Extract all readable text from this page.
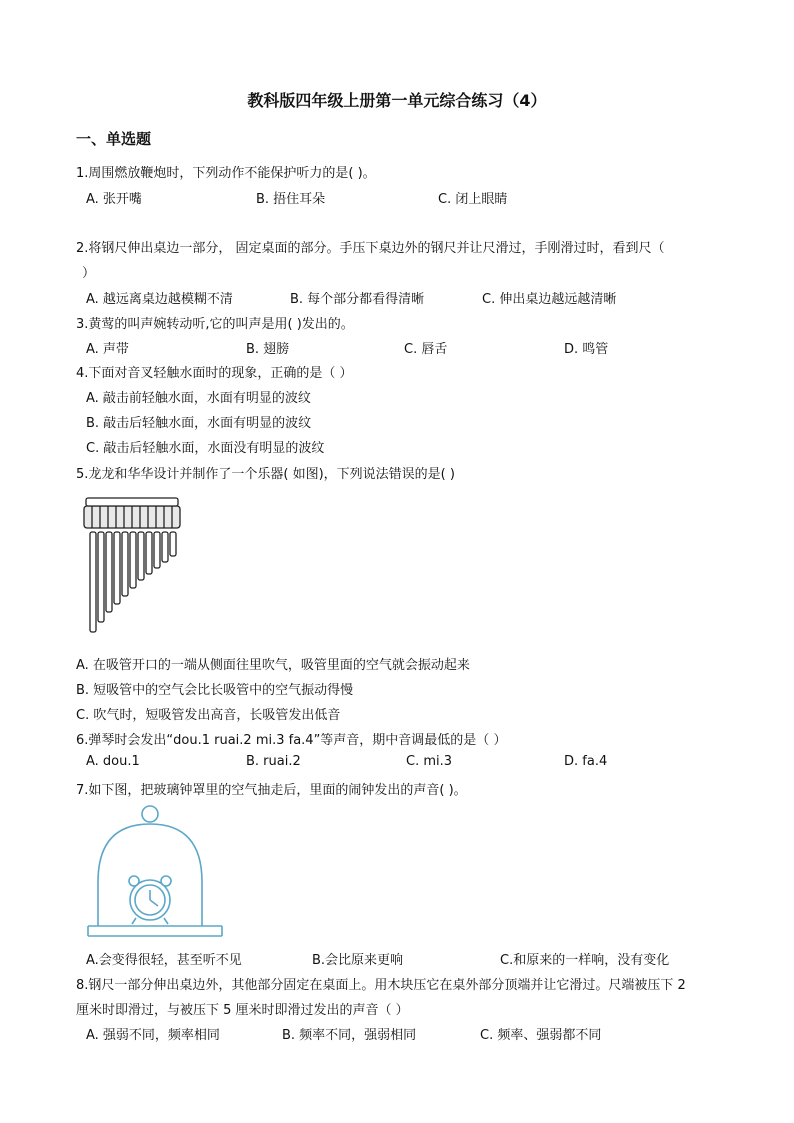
教科版四年级上册第一单元综合练习（4）
一、单选题
1.周围燃放鞭炮时，下列动作不能保护听力的是( )。
A. 张开嘴	B. 捂住耳朵	C. 闭上眼睛
2.将钢尺伸出桌边一部分， 固定桌面的部分。手压下桌边外的钢尺并让尺滑过，手刚滑过时，看到尺（
）
A. 越远离桌边越模糊不清	B. 每个部分都看得清晰	C. 伸出桌边越远越清晰
3.黄莺的叫声婉转动听,它的叫声是用( )发出的。
A. 声带	B. 翅膀	C. 唇舌	D. 鸣管
4.下面对音叉轻触水面时的现象，正确的是（ ）
A. 敲击前轻触水面，水面有明显的波纹
B. 敲击后轻触水面，水面有明显的波纹
C. 敲击后轻触水面，水面没有明显的波纹
5.龙龙和华华设计并制作了一个乐器( 如图)，下列说法错误的是( )
A. 在吸管开口的一端从侧面往里吹气，吸管里面的空气就会振动起来
B. 短吸管中的空气会比长吸管中的空气振动得慢
C. 吹气时，短吸管发出高音，长吸管发出低音
6.弹琴时会发出“dou.1 ruai.2 mi.3 fa.4”等声音，期中音调最低的是（ ）
A. dou.1	B. ruai.2	C. mi.3	D. fa.4
7.如下图，把玻璃钟罩里的空气抽走后，里面的闹钟发出的声音( )。
A.会变得很轻，甚至听不见	B.会比原来更响	C.和原来的一样响，没有变化
8.钢尺一部分伸出桌边外，其他部分固定在桌面上。用木块压它在桌外部分顶端并让它滑过。尺端被压下 2
厘米时即滑过，与被压下 5 厘米时即滑过发出的声音（ ）
A. 强弱不同，频率相同	B. 频率不同，强弱相同	C. 频率、强弱都不同
